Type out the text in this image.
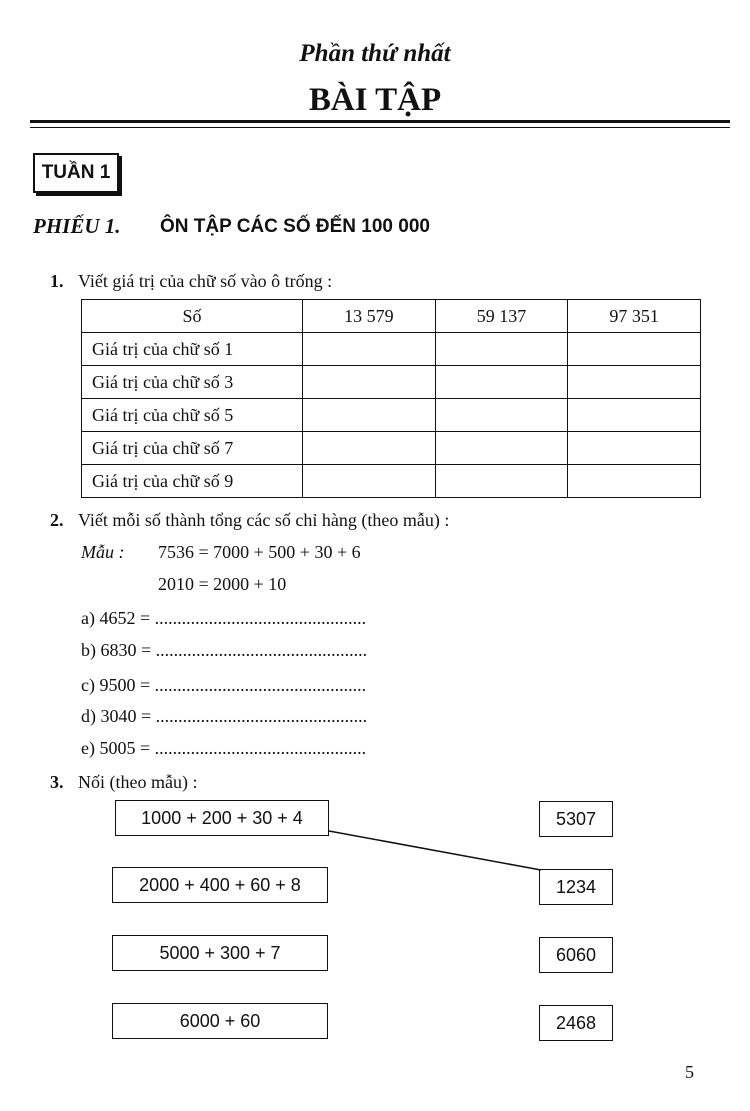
Phần thứ nhất
BÀI TẬP
TUẦN 1
PHIẾU 1. ÔN TẬP CÁC SỐ ĐẾN 100 000
1. Viết giá trị của chữ số vào ô trống :
Số	13 579	59 137	97 351
Giá trị của chữ số 1			
Giá trị của chữ số 3			
Giá trị của chữ số 5			
Giá trị của chữ số 7			
Giá trị của chữ số 9			
2. Viết mỗi số thành tổng các số chỉ hàng (theo mẫu) :
Mẫu : 7536 = 7000 + 500 + 30 + 6
2010 = 2000 + 10
a) 4652 = ...............................................
b) 6830 = ...............................................
c) 9500 = ...............................................
d) 3040 = ...............................................
e) 5005 = ...............................................
3. Nối (theo mẫu) :
1000 + 200 + 30 + 4
2000 + 400 + 60 + 8
5000 + 300 + 7
6000 + 60
5307
1234
6060
2468
5
